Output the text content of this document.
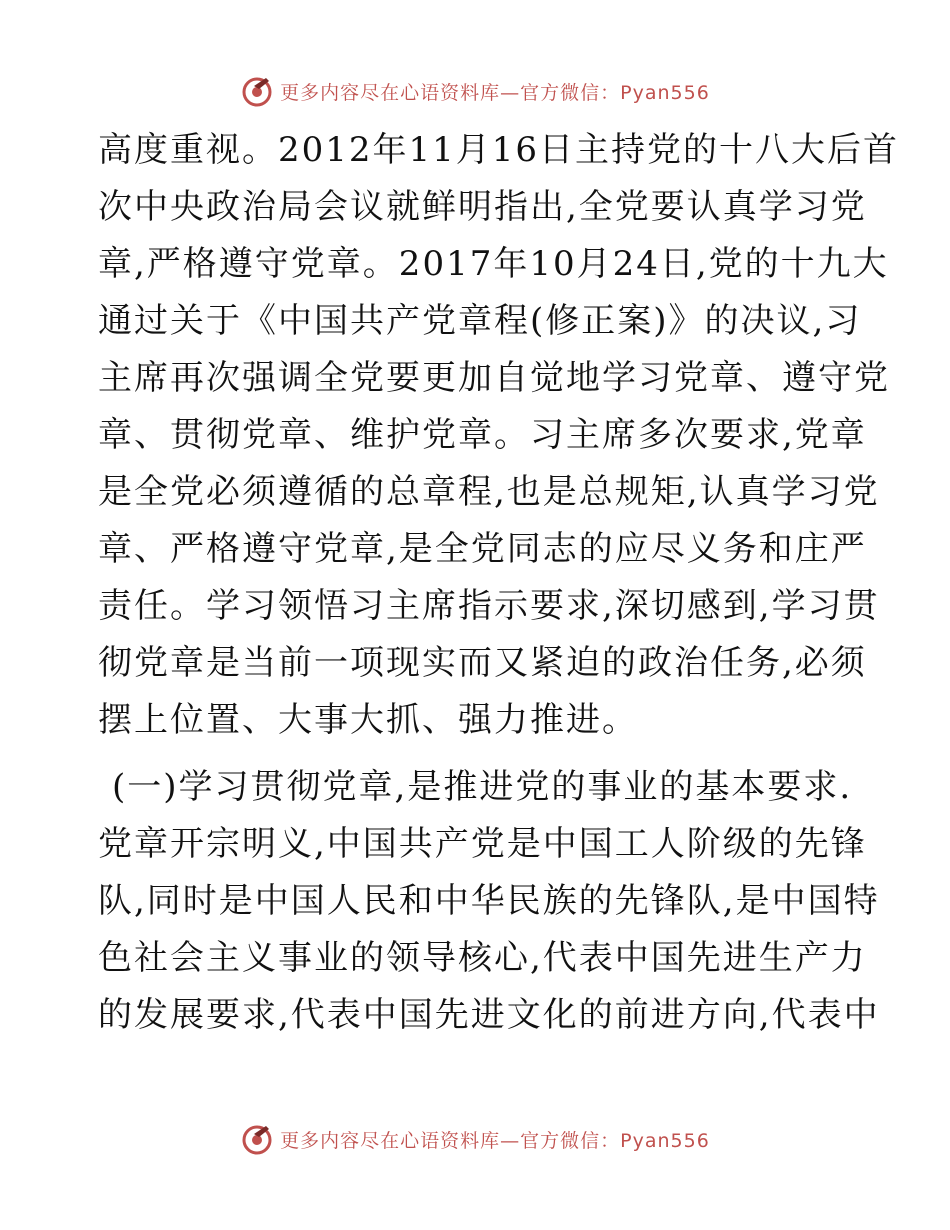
更多内容尽在心语资料库—官方微信：Pyan556
高度重视。2012年11月16日主持党的十八大后首
次中央政治局会议就鲜明指出,全党要认真学习党
章,严格遵守党章。2017年10月24日,党的十九大
通过关于《中国共产党章程(修正案)》的决议,习
主席再次强调全党要更加自觉地学习党章、遵守党
章、贯彻党章、维护党章。习主席多次要求,党章
是全党必须遵循的总章程,也是总规矩,认真学习党
章、严格遵守党章,是全党同志的应尽义务和庄严
责任。学习领悟习主席指示要求,深切感到,学习贯
彻党章是当前一项现实而又紧迫的政治任务,必须
摆上位置、大事大抓、强力推进。
(一)学习贯彻党章,是推进党的事业的基本要求.
党章开宗明义,中国共产党是中国工人阶级的先锋
队,同时是中国人民和中华民族的先锋队,是中国特
色社会主义事业的领导核心,代表中国先进生产力
的发展要求,代表中国先进文化的前进方向,代表中
更多内容尽在心语资料库—官方微信：Pyan556
